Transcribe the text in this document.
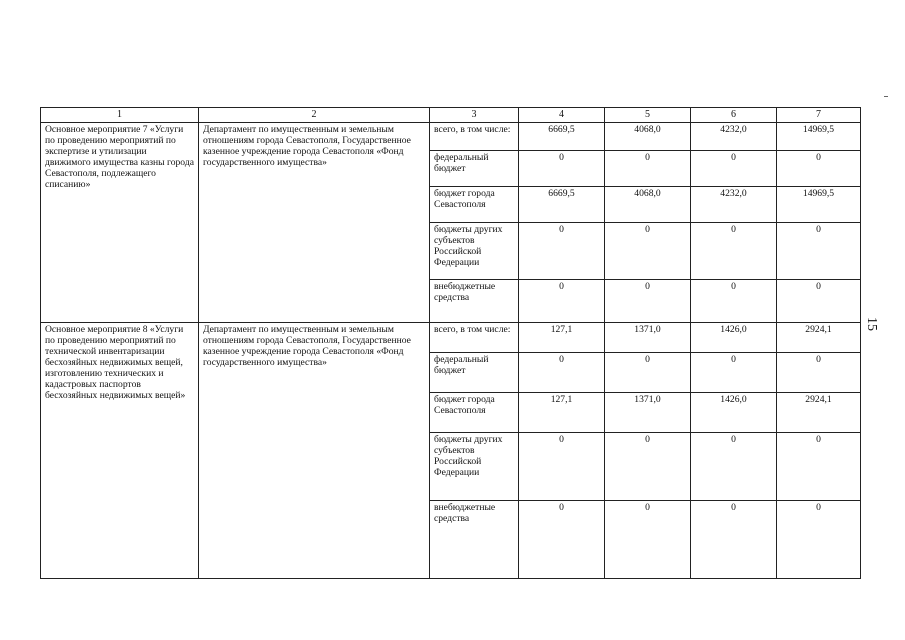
15
1	2	3	4	5	6	7
Основное мероприятие 7 «Услуги по проведению мероприятий по экспертизе и утилизации движимого имущества казны города Севастополя, подлежащего списанию»	Департамент по имущественным и земельным отношениям города Севастополя, Государственное казенное учреждение города Севастополя «Фонд государственного имущества»	всего, в том числе:	6669,5	4068,0	4232,0	14969,5
		федеральный бюджет	0	0	0	0
		бюджет города Севастополя	6669,5	4068,0	4232,0	14969,5
		бюджеты других субъектов Российской Федерации	0	0	0	0
		внебюджетные средства	0	0	0	0
Основное мероприятие 8 «Услуги по проведению мероприятий по технической инвентаризации бесхозяйных недвижимых вещей, изготовлению технических и кадастровых паспортов бесхозяйных недвижимых вещей»	Департамент по имущественным и земельным отношениям города Севастополя, Государственное казенное учреждение города Севастополя «Фонд государственного имущества»	всего, в том числе:	127,1	1371,0	1426,0	2924,1
		федеральный бюджет	0	0	0	0
		бюджет города Севастополя	127,1	1371,0	1426,0	2924,1
		бюджеты других субъектов Российской Федерации	0	0	0	0
		внебюджетные средства	0	0	0	0
